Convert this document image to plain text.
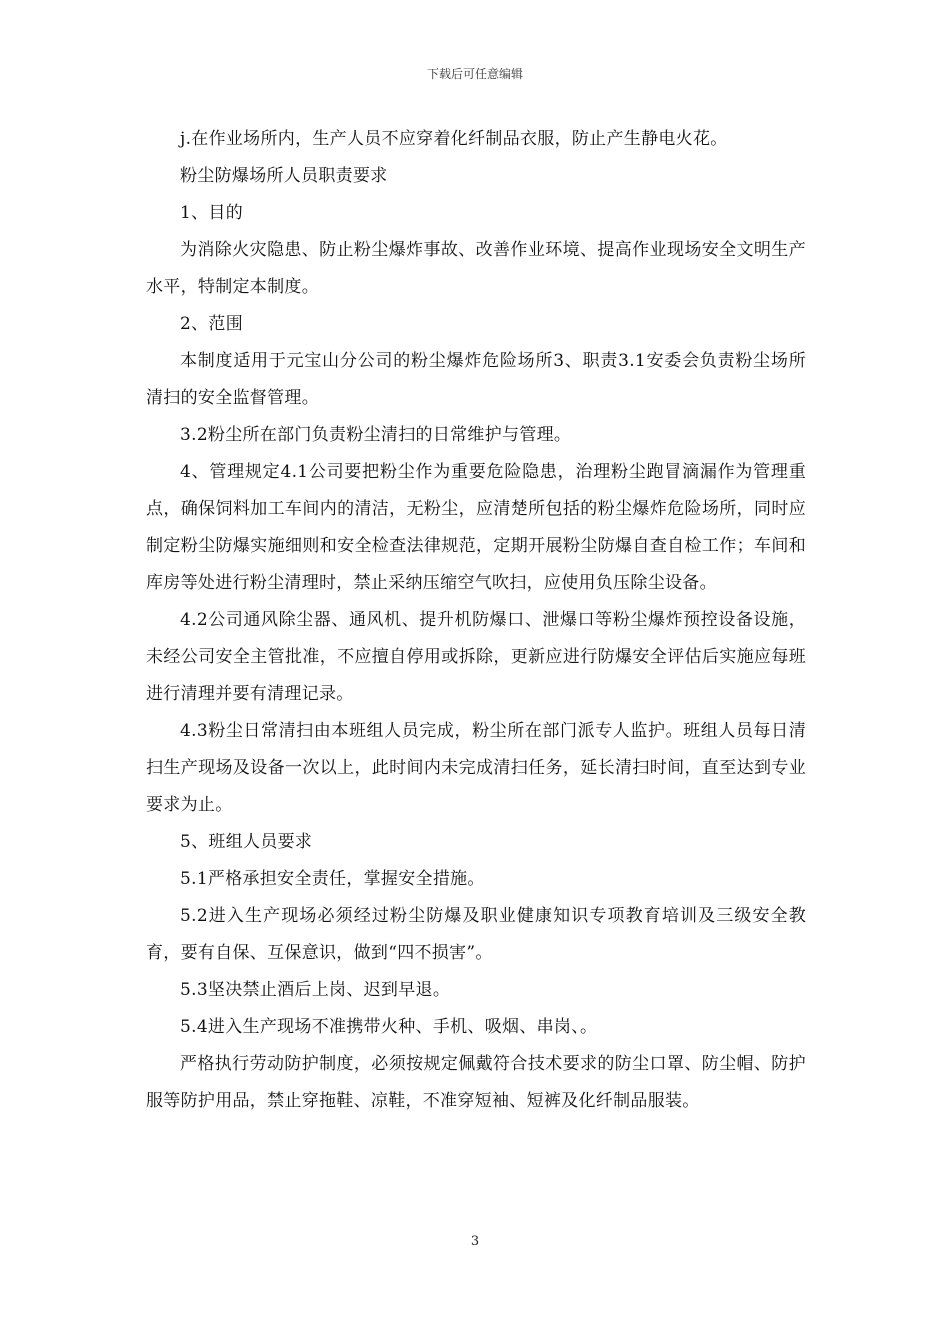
下载后可任意编辑

j.在作业场所内，生产人员不应穿着化纤制品衣服，防止产生静电火花。

粉尘防爆场所人员职责要求

1、目的

为消除火灾隐患、防止粉尘爆炸事故、改善作业环境、提高作业现场安全文明生产水平，特制定本制度。

2、范围

本制度适用于元宝山分公司的粉尘爆炸危险场所3、职责3.1安委会负责粉尘场所清扫的安全监督管理。

3.2粉尘所在部门负责粉尘清扫的日常维护与管理。

4、管理规定4.1公司要把粉尘作为重要危险隐患，治理粉尘跑冒滴漏作为管理重点，确保饲料加工车间内的清洁，无粉尘，应清楚所包括的粉尘爆炸危险场所，同时应制定粉尘防爆实施细则和安全检查法律规范，定期开展粉尘防爆自查自检工作；车间和库房等处进行粉尘清理时，禁止采纳压缩空气吹扫，应使用负压除尘设备。

4.2公司通风除尘器、通风机、提升机防爆口、泄爆口等粉尘爆炸预控设备设施，未经公司安全主管批准，不应擅自停用或拆除，更新应进行防爆安全评估后实施应每班进行清理并要有清理记录。

4.3粉尘日常清扫由本班组人员完成，粉尘所在部门派专人监护。班组人员每日清扫生产现场及设备一次以上，此时间内未完成清扫任务，延长清扫时间，直至达到专业要求为止。

5、班组人员要求

5.1严格承担安全责任，掌握安全措施。

5.2进入生产现场必须经过粉尘防爆及职业健康知识专项教育培训及三级安全教育，要有自保、互保意识，做到“四不损害”。

5.3坚决禁止酒后上岗、迟到早退。

5.4进入生产现场不准携带火种、手机、吸烟、串岗、。

严格执行劳动防护制度，必须按规定佩戴符合技术要求的防尘口罩、防尘帽、防护服等防护用品，禁止穿拖鞋、凉鞋，不准穿短袖、短裤及化纤制品服装。

3
